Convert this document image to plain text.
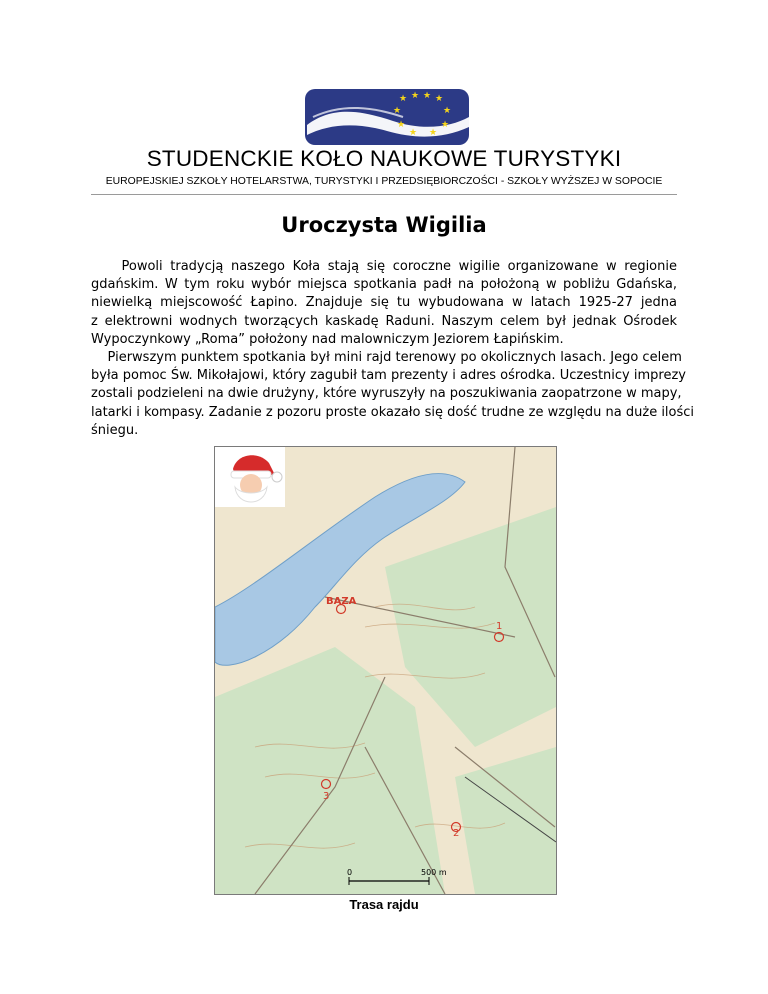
★ ★ ★ ★
★	★
★	★
★ ★
STUDENCKIE KOŁO NAUKOWE TURYSTYKI
EUROPEJSKIEJ SZKOŁY HOTELARSTWA, TURYSTYKI I PRZEDSIĘBIORCZOŚCI - SZKOŁY WYŻSZEJ W SOPOCIE
Uroczysta Wigilia
Powoli tradycją naszego Koła stają się coroczne wigilie organizowane w regionie
gdańskim. W tym roku wybór miejsca spotkania padł na położoną w pobliżu Gdańska,
niewielką miejscowość Łapino. Znajduje się tu wybudowana w latach 1925-27 jedna
z elektrowni wodnych tworzących kaskadę Raduni. Naszym celem był jednak Ośrodek
Wypoczynkowy „Roma” położony nad malowniczym Jeziorem Łapińskim.
Pierwszym punktem spotkania był mini rajd terenowy po okolicznych lasach. Jego celem
była pomoc Św. Mikołajowi, który zagubił tam prezenty i adres ośrodka. Uczestnicy imprezy
zostali podzieleni na dwie drużyny, które wyruszyły na poszukiwania zaopatrzone w mapy,
latarki i kompasy. Zadanie z pozoru proste okazało się dość trudne ze względu na duże ilości
śniegu.
BAZA
1
2
3
0	500 m
Trasa rajdu
